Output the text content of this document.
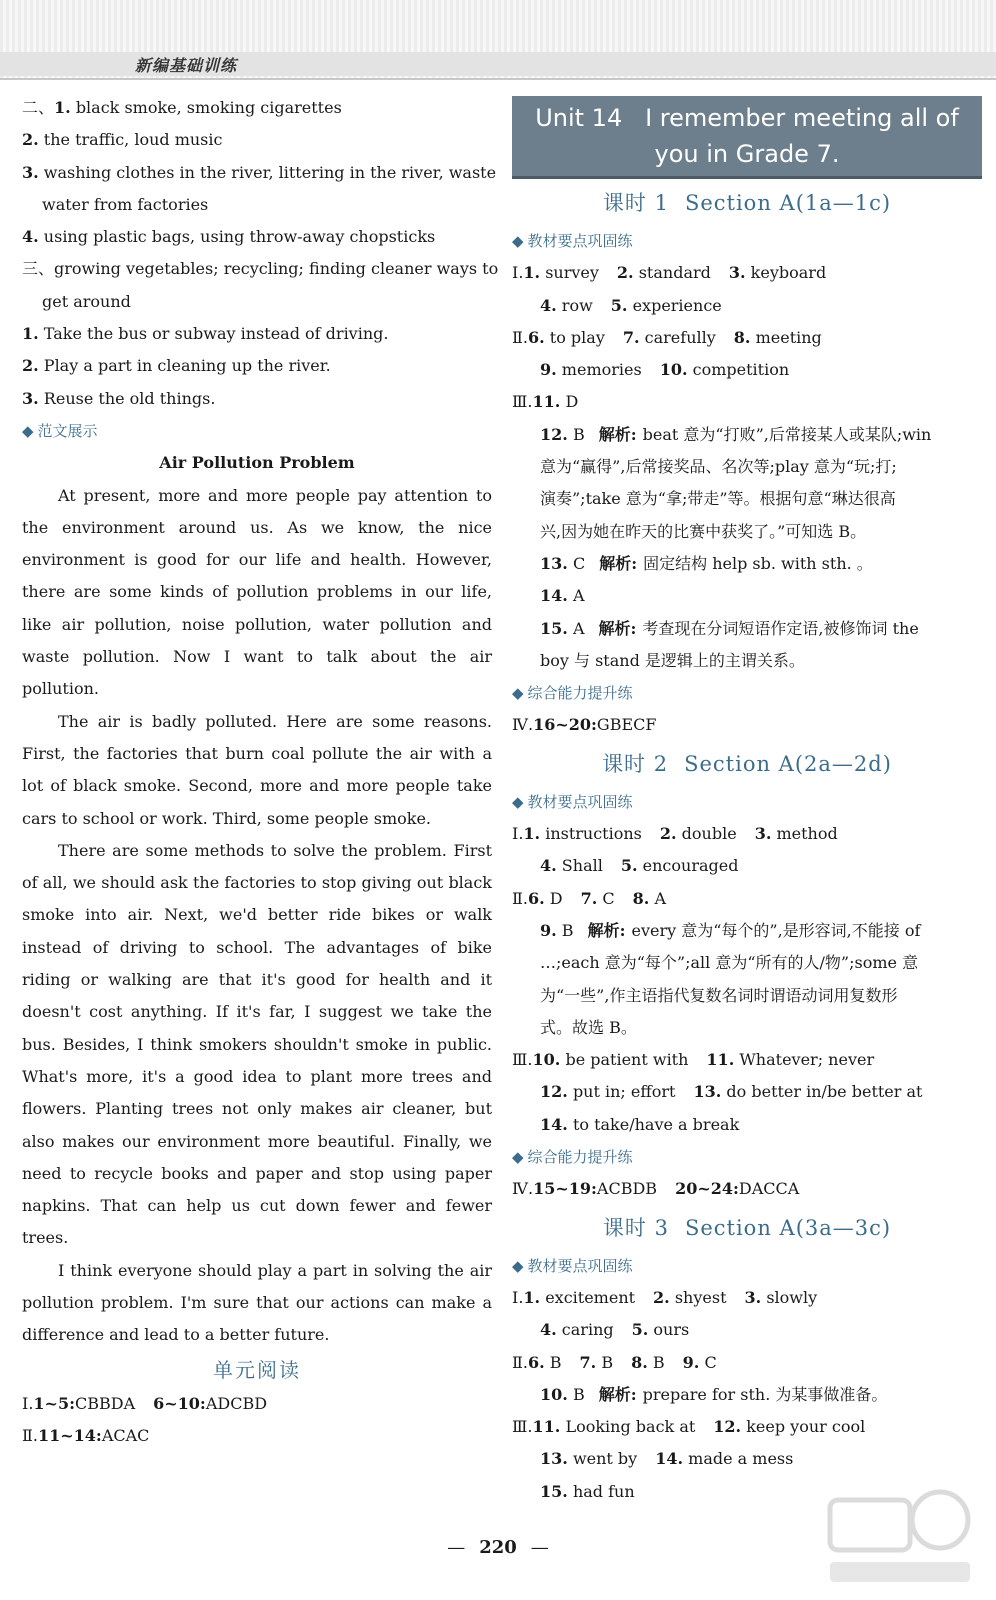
新编基础训练
二、1. black smoke, smoking cigarettes
2. the traffic, loud music
3. washing clothes in the river, littering in the river, waste
water from factories
4. using plastic bags, using throw-away chopsticks
三、growing vegetables; recycling; finding cleaner ways to
get around
1. Take the bus or subway instead of driving.
2. Play a part in cleaning up the river.
3. Reuse the old things.
◆ 范文展示
Air Pollution Problem

At present, more and more people pay attention to the environment around us. As we know, the nice environment is good for our life and health. However, there are some kinds of pollution problems in our life, like air pollution, noise pollution, water pollution and waste pollution. Now I want to talk about the air pollution.

The air is badly polluted. Here are some reasons. First, the factories that burn coal pollute the air with a lot of black smoke. Second, more and more people take cars to school or work. Third, some people smoke.

There are some methods to solve the problem. First of all, we should ask the factories to stop giving out black smoke into air. Next, we'd better ride bikes or walk instead of driving to school. The advantages of bike riding or walking are that it's good for health and it doesn't cost anything. If it's far, I suggest we take the bus. Besides, I think smokers shouldn't smoke in public. What's more, it's a good idea to plant more trees and flowers. Planting trees not only makes air cleaner, but also makes our environment more beautiful. Finally, we need to recycle books and paper and stop using paper napkins. That can help us cut down fewer and fewer trees.

I think everyone should play a part in solving the air pollution problem. I'm sure that our actions can make a difference and lead to a better future.

单元阅读
Ⅰ.1~5:CBBDA 6~10:ADCBD
Ⅱ.11~14:ACAC
Unit 14   I remember meeting all of
you in Grade 7.
课时 1 Section A(1a—1c)
◆ 教材要点巩固练
Ⅰ.1. survey 2. standard 3. keyboard
4. row 5. experience
Ⅱ.6. to play 7. carefully 8. meeting
9. memories 10. competition
Ⅲ.11. D
12. B 解析: beat 意为“打败”,后常接某人或某队;win
意为“赢得”,后常接奖品、名次等;play 意为“玩;打;
演奏”;take 意为“拿;带走”等。根据句意“琳达很高
兴,因为她在昨天的比赛中获奖了。”可知选 B。
13. C 解析: 固定结构 help sb. with sth. 。
14. A
15. A 解析: 考查现在分词短语作定语,被修饰词 the
boy 与 stand 是逻辑上的主谓关系。
◆ 综合能力提升练
Ⅳ.16~20:GBECF
课时 2 Section A(2a—2d)
◆ 教材要点巩固练
Ⅰ.1. instructions 2. double 3. method
4. Shall 5. encouraged
Ⅱ.6. D 7. C 8. A
9. B 解析: every 意为“每个的”,是形容词,不能接 of
…;each 意为“每个”;all 意为“所有的人/物”;some 意
为“一些”,作主语指代复数名词时谓语动词用复数形
式。故选 B。
Ⅲ.10. be patient with 11. Whatever; never
12. put in; effort 13. do better in/be better at
14. to take/have a break
◆ 综合能力提升练
Ⅳ.15~19:ACBDB 20~24:DACCA
课时 3 Section A(3a—3c)
◆ 教材要点巩固练
Ⅰ.1. excitement 2. shyest 3. slowly
4. caring 5. ours
Ⅱ.6. B 7. B 8. B 9. C
10. B 解析: prepare for sth. 为某事做准备。
Ⅲ.11. Looking back at 12. keep your cool
13. went by 14. made a mess
15. had fun
— 220 —
